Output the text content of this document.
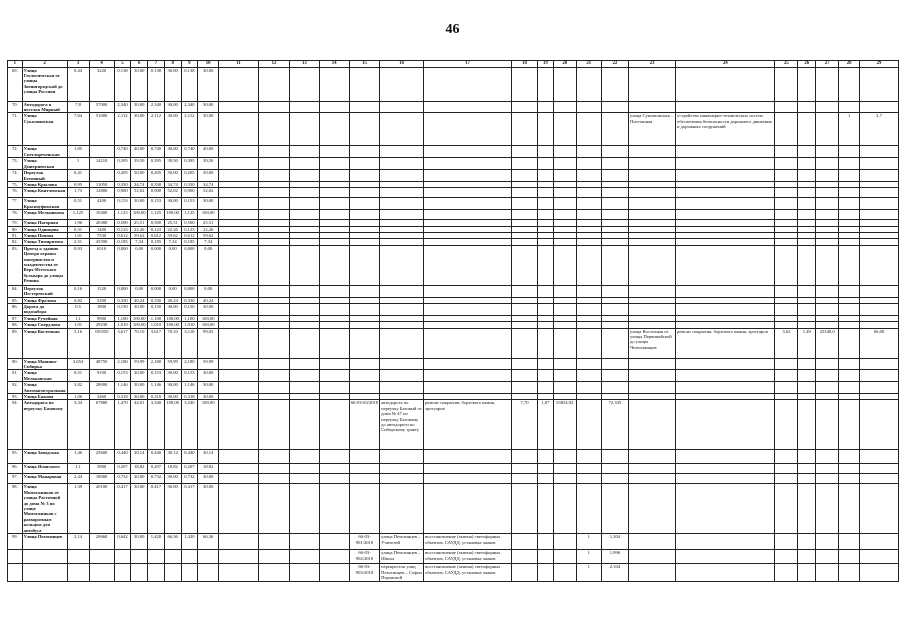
46
1	2	3	4	5	6	7	8	9	10	11	12	13	14	15	16	17	18	19	20	21	22	23	24	25	26	27	28	29
69.	Улица Геологическая от улицы Звенигородской до улицы Россиян	0,44	3220	0,138	30,00	0,138	30,00	0,138	30,00																			
70.	Автодорога в поселок Мирный	7,8	57000	2,340	30,00	2,340	30,00	2,340	30,00																			
71.	Улица Суколюшская	7,04	51000	2,112	30,00	2,112	30,00	2,112	30,00													улица Суколюшская – Пистошная	устройство инженерно-технических систем обеспечения безопасности дорожного движения и дорожных сооружений				1	2,7
72.	Улица Светлореченская	1,85		0,740	40,00	0,740	40,00	0,740	40,00																			
73.	Улица Дмитриевская	1	14210	0,395	39,50	0,395	39,50	0,395	39,50																			
74.	Переулок Бетонный	0,41		0,205	50,00	0,205	50,00	0,205	50,00																			
75.	Улица Крылова	0,95	11050	0,330	34,74	0,330	34,74	0,330	34,74																			
76.	Улица Квитченская	1,73	12800	0,900	52,02	0,900	52,02	0,900	52,02																			
77.	Улица Красноуфимская	0,51	4200	0,153	30,00	0,153	30,00	0,153	30,00																			
78.	Улица Мельникова	1,125	10400	1,125	100,00	1,125	100,00	1,125	100,00																			
79.	Улица Нагорная	1,96	20380	0,500	25,51	0,500	25,51	0,500	25,51																			
80.	Улица Одинцова	0,31	1400	0,123	22,26	0,123	22,26	0,123	22,26																			
81.	Улица Попова	1,01	7530	0,612	59,62	0,612	59,62	0,612	59,62																			
82.	Улица Тимирязева	2,51	45590	0,185	7,34	0,185	7,34	0,185	7,34																			
83.	Проезд к зданию Центра охраны материнства и младенчества от Верх-Исетского бульвара до улицы Репина	0,93	6510	0,000	0,00	0,000	0,00	0,000	0,00																			
84.	Переулок Пестеревский	0,16	1520	0,000	0,00	0,000	0,00	0,000	0,00																			
85.	Улица Фролова	0,82	5200	0,330	40,24	0,330	40,24	0,330	40,24																			
86.	Дорога до водозабора	0,5	1800	0,150	30,00	0,150	30,00	0,150	30,00																			
87.	Улица Ручейная	1,1	9900	1,100	100,00	1,100	100,00	1,100	100,00																			
88.	Улица Свердлова	1,01	29230	1,010	100,00	1,010	100,00	1,010	100,00																			
89.	Улица Восточная	5,16	105550	3,617	70,10	3,617	70,10	3,110	99,03													улица Восточная от улицы Первомайской до улицы Челюскинцев	ремонт покрытия, бортового камня, тротуаров	3,62	1,49	25340,0		66,00
90.	Улица Машино-Сибирка	3,654	48750	2,180	59,99	2,180	59,99	2,180	59,99																			
91.	Улица Мельковская	0,51	9100	0,153	30,00	0,153	30,00	0,153	30,00																			
92.	Улица Автомагистральная	3,82	28000	1,146	30,00	1,146	30,00	1,146	30,00																			
93.	Улица Бажова	1,06	3460	0,318	30,00	0,318	30,00	0,318	30,00																			
94.	Автодорога по переулку Базовому	3,34	67880	1,470	44,01	3,340	100,00	3,340	100,00					66-03-03/2018	автодорога по переулку Базовый от дома № 47 по переулку Базовому до автодороги по Сибирскому тракту	ремонт покрытия, бортового камня, тротуаров	7,70	1,87	53854,92		72,335							
95.	Улица Заводская	1,46	25600	0,440	30,14	0,440	30,14	0,440	30,14																			
96.	Улица Ясинского	1,1	3900	0,207	18,82	0,207	18,82	0,207	18,82																			
97.	Улица Манаровая	2,44	18000	0,732	30,00	0,732	30,00	0,732	30,00																			
98.	Улица Монтажников от улицы Расточной до дома № 3 по улице Монтажников с разворотным кольцом для автобуса	1,39	20100	0,417	30,00	0,417	30,00	0,417	30,00																			
99.	Улица Пехотинцев	2,14	20660	0,642	30,00	1,420	66,36	1,420	66,36					66-03-901/2018	улица Пехотинцев – Учителей	восстановление (замена) светофорных объектов, САУДД, установка знаков				1	1,304							
														66-03-902/2018	улица Пехотинцев – Школа	восстановление (замена) светофорных объектов, САУДД, установка знаков				1	1,996							
														66-03-903/2018	перекресток улиц Пехотинцев – Софьи Перовской	восстановление (замена) светофорных объектов, САУДД, установка знаков				1	2,104							
